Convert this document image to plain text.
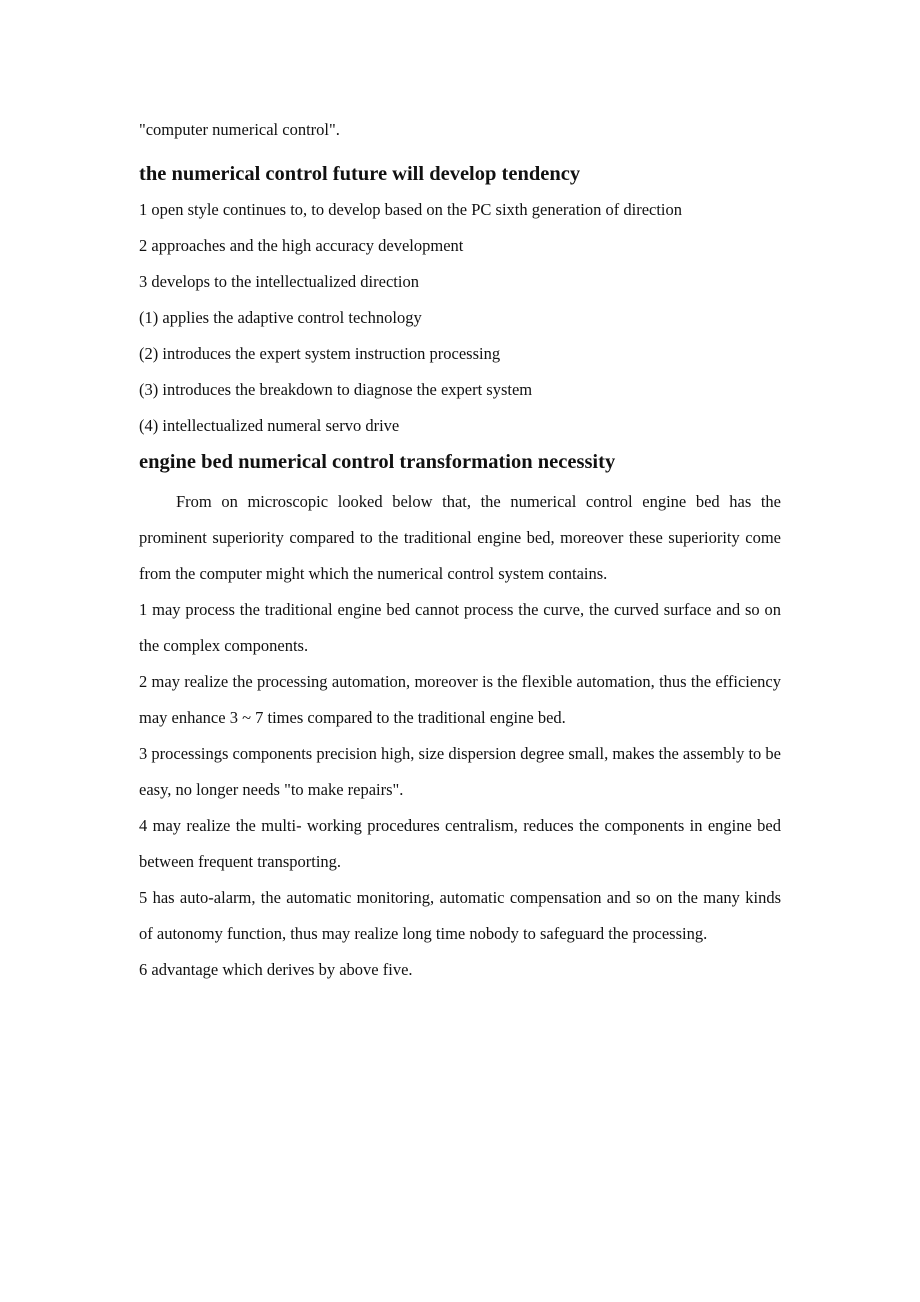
"computer numerical control".

the numerical control future will develop tendency

1 open style continues to, to develop based on the PC sixth generation of direction

2 approaches and the high accuracy development

3 develops to the intellectualized direction

(1) applies the adaptive control technology

(2) introduces the expert system instruction processing

(3) introduces the breakdown to diagnose the expert system

(4) intellectualized numeral servo drive

engine bed numerical control transformation necessity

From on microscopic looked below that, the numerical control engine bed has the prominent superiority compared to the traditional engine bed, moreover these superiority come from the computer might which the numerical control system contains.

1 may process the traditional engine bed cannot process the curve, the curved surface and so on the complex components.

2 may realize the processing automation, moreover is the flexible automation, thus the efficiency may enhance 3 ~ 7 times compared to the traditional engine bed.

3 processings components precision high, size dispersion degree small, makes the assembly to be easy, no longer needs "to make repairs".

4 may realize the multi- working procedures centralism, reduces the components in engine bed between frequent transporting.

5 has auto-alarm, the automatic monitoring, automatic compensation and so on the many kinds of autonomy function, thus may realize long time nobody to safeguard the processing.

6 advantage which derives by above five.
